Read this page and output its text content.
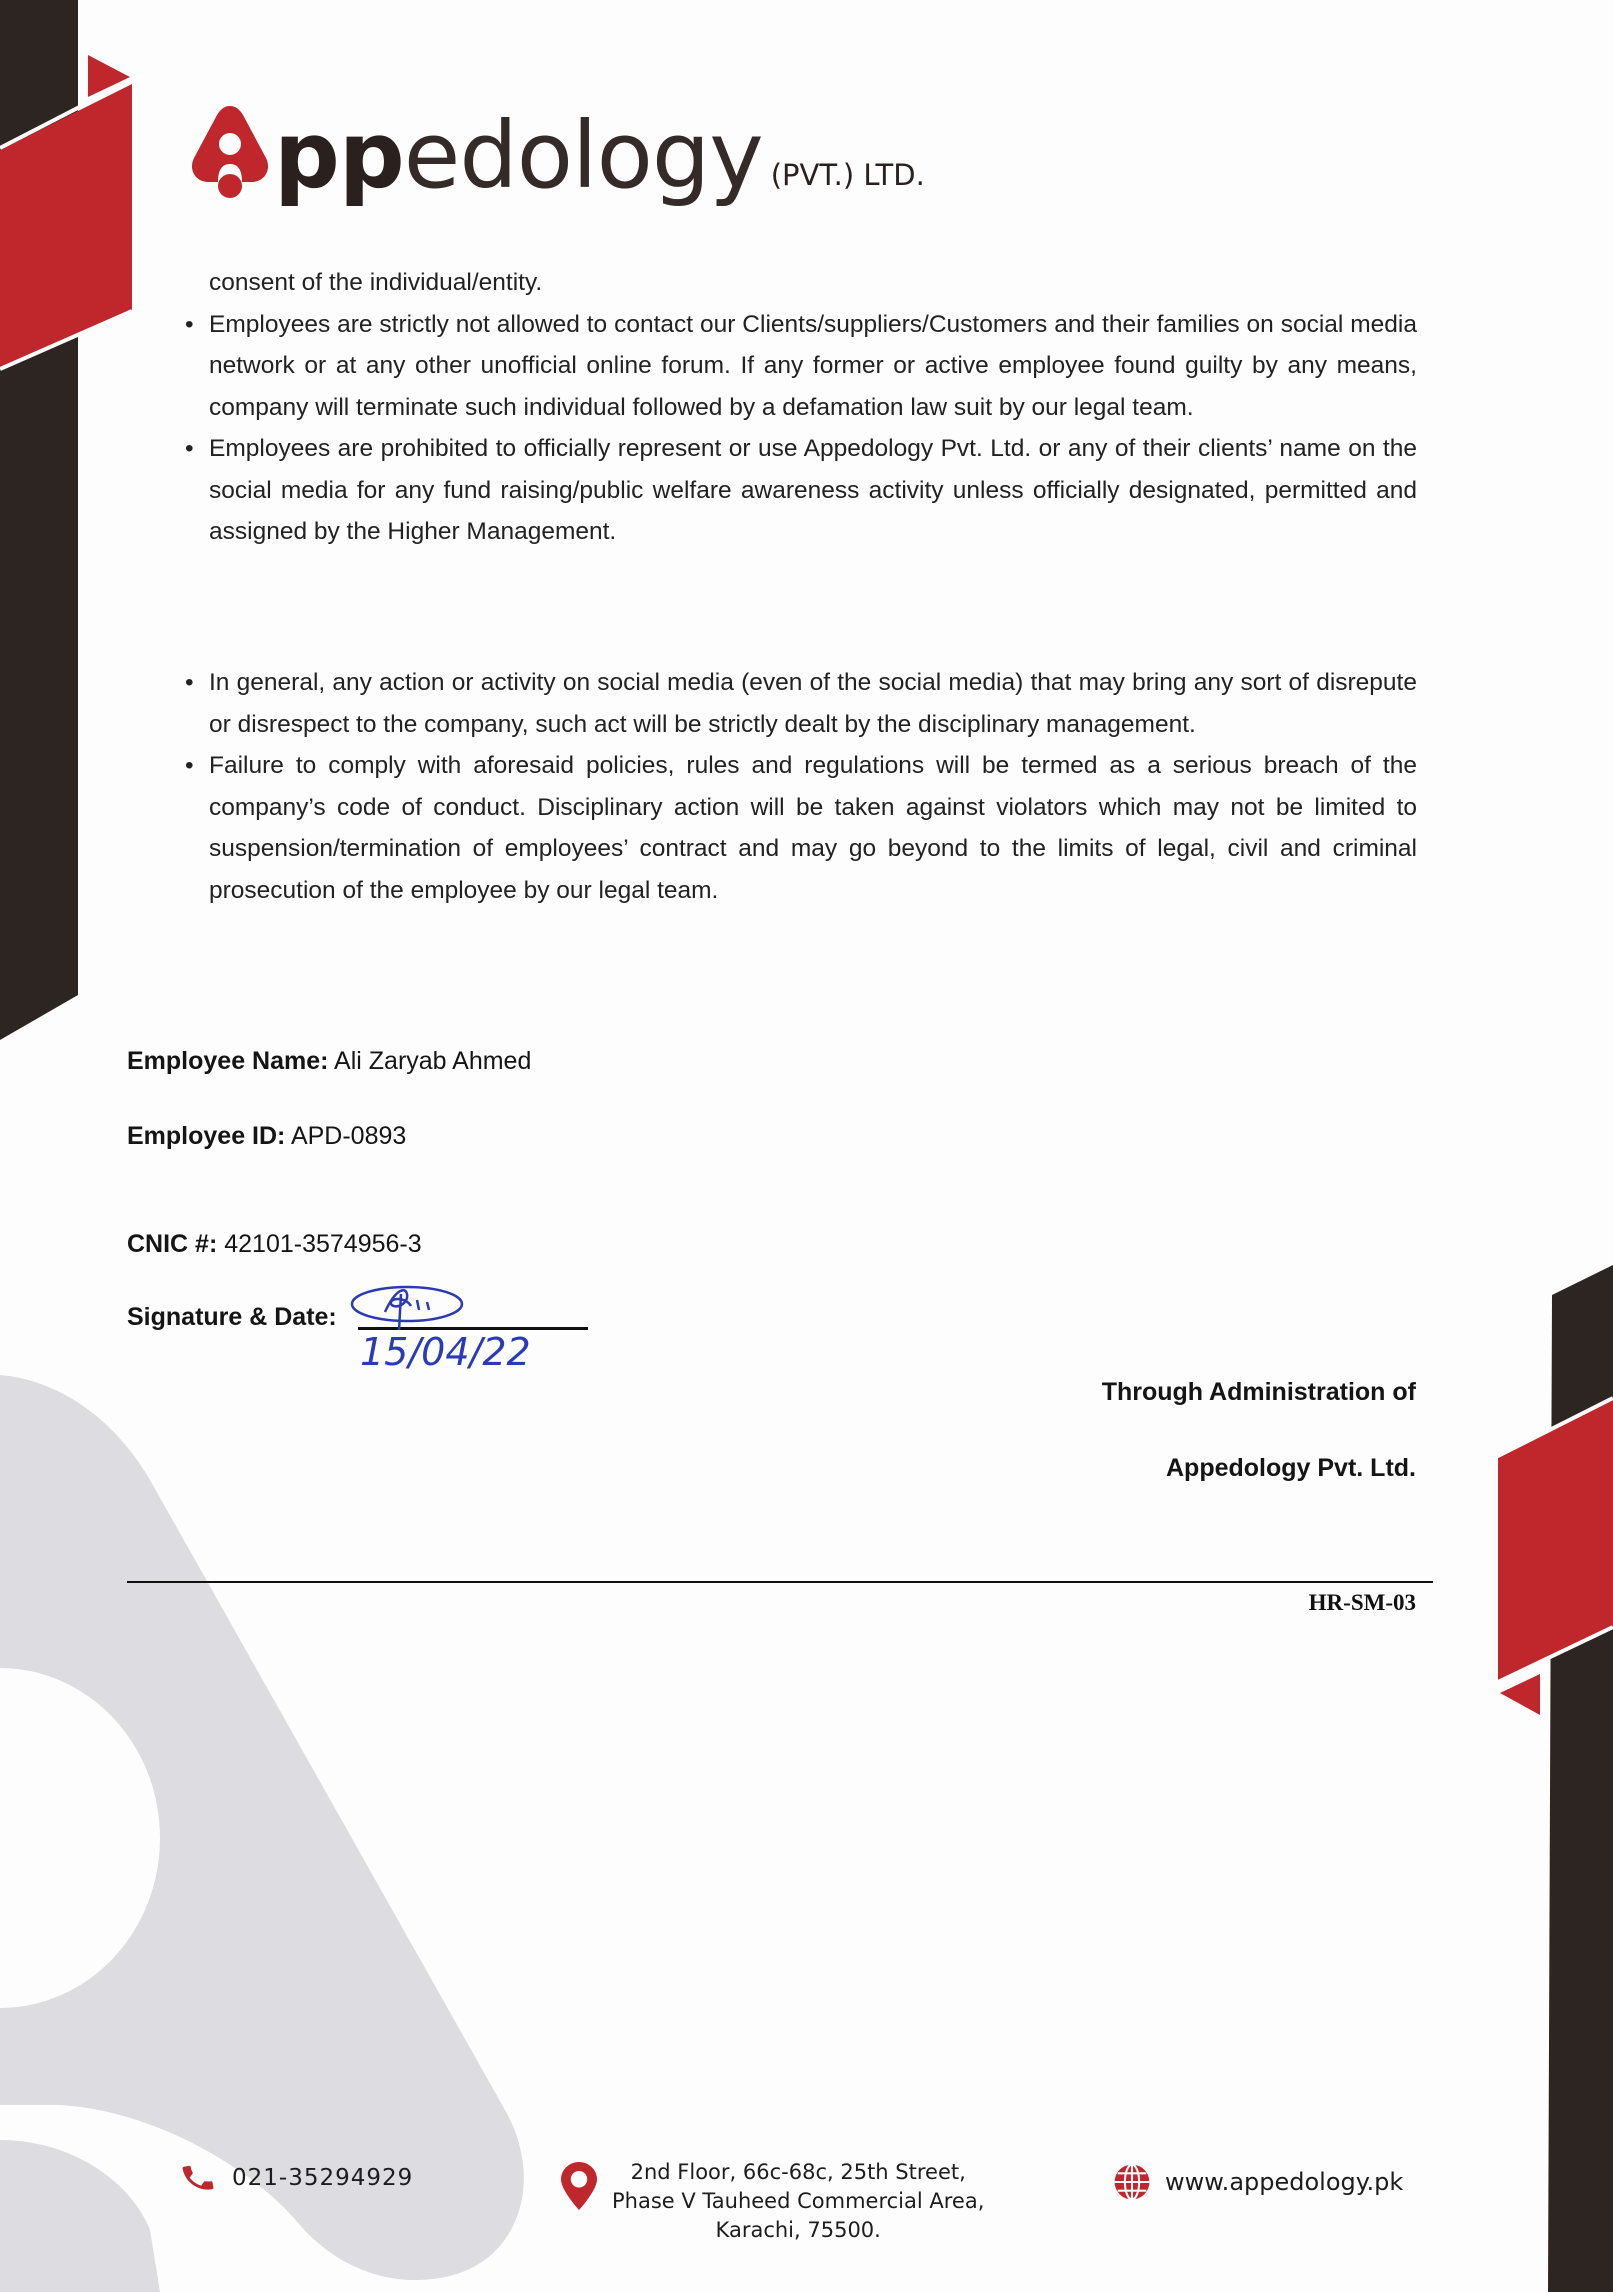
ppedology (PVT.) LTD.
consent of the individual/entity.
• Employees are strictly not allowed to contact our Clients/suppliers/Customers and their families on social media network or at any other unofficial online forum. If any former or active employee found guilty by any means, company will terminate such individual followed by a defamation law suit by our legal team.
• Employees are prohibited to officially represent or use Appedology Pvt. Ltd. or any of their clients’ name on the social media for any fund raising/public welfare awareness activity unless officially designated, permitted and assigned by the Higher Management.
• In general, any action or activity on social media (even of the social media) that may bring any sort of disrepute or disrespect to the company, such act will be strictly dealt by the disciplinary management.
• Failure to comply with aforesaid policies, rules and regulations will be termed as a serious breach of the company’s code of conduct. Disciplinary action will be taken against violators which may not be limited to suspension/termination of employees’ contract and may go beyond to the limits of legal, civil and criminal prosecution of the employee by our legal team.
Employee Name: Ali Zaryab Ahmed
Employee ID: APD-0893
CNIC #: 42101-3574956-3
Signature & Date:
15/04/22
Through Administration of
Appedology Pvt. Ltd.
HR-SM-03
021-35294929	2nd Floor, 66c-68c, 25th Street,
Phase V Tauheed Commercial Area,
Karachi, 75500.
www.appedology.pk
